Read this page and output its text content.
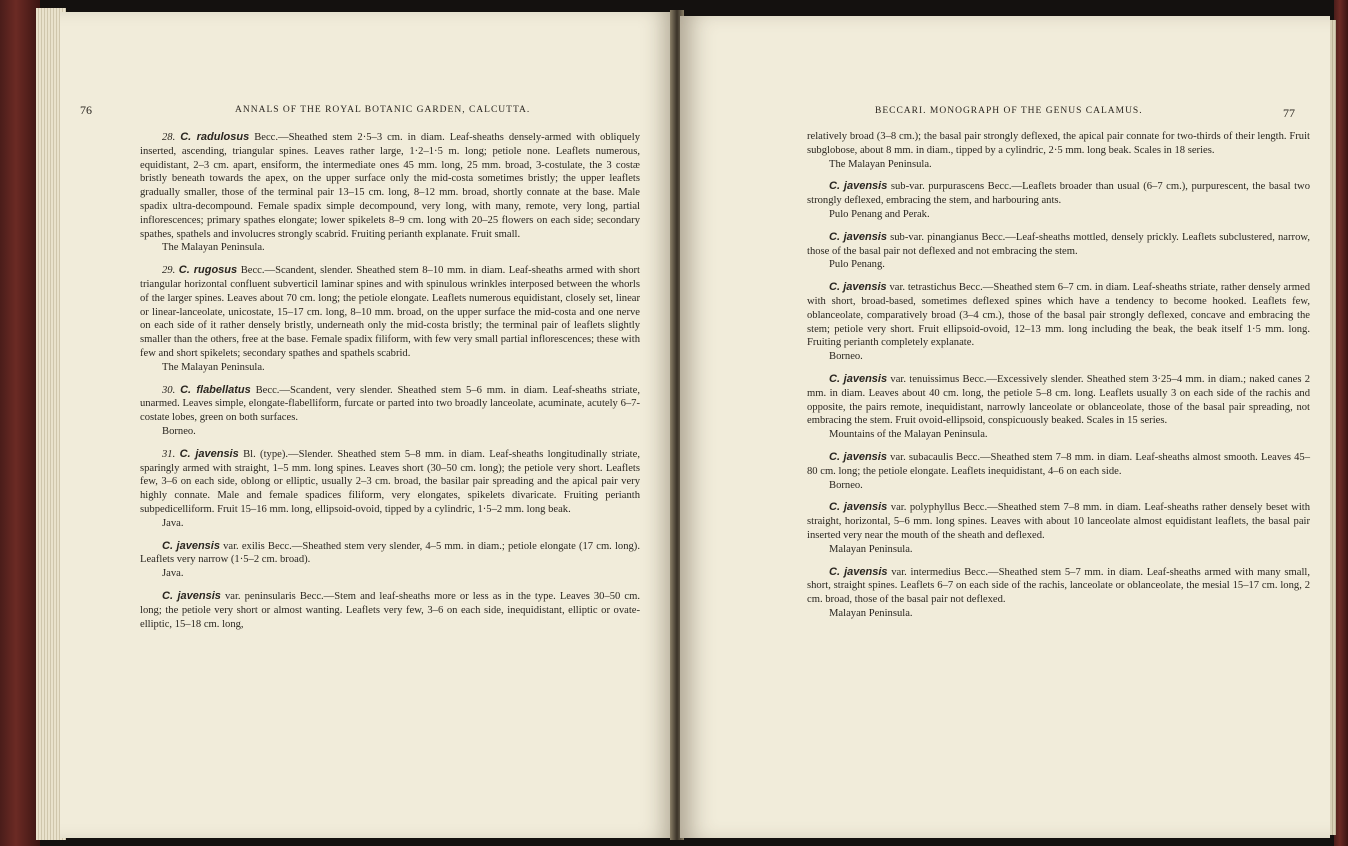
76	ANNALS OF THE ROYAL BOTANIC GARDEN, CALCUTTA.

28. C. radulosus Becc.—Sheathed stem 2·5–3 cm. in diam. Leaf-sheaths densely-armed with obliquely inserted, ascending, triangular spines. Leaves rather large, 1·2–1·5 m. long; petiole none. Leaflets numerous, equidistant, 2–3 cm. apart, ensiform, the intermediate ones 45 mm. long, 25 mm. broad, 3-costulate, the 3 costæ bristly beneath towards the apex, on the upper surface only the mid-costa sometimes bristly; the upper leaflets gradually smaller, those of the terminal pair 13–15 cm. long, 8–12 mm. broad, shortly connate at the base. Male spadix ultra-decompound. Female spadix simple decompound, very long, with many, remote, very long, partial inflorescences; primary spathes elongate; lower spikelets 8–9 cm. long with 20–25 flowers on each side; secondary spathes, spathels and involucres strongly scabrid. Fruiting perianth explanate. Fruit small.

The Malayan Peninsula.

29. C. rugosus Becc.—Scandent, slender. Sheathed stem 8–10 mm. in diam. Leaf-sheaths armed with short triangular horizontal confluent subverticil laminar spines and with spinulous wrinkles interposed between the whorls of the larger spines. Leaves about 70 cm. long; the petiole elongate. Leaflets numerous equidistant, closely set, linear or linear-lanceolate, unicostate, 15–17 cm. long, 8–10 mm. broad, on the upper surface the mid-costa and one nerve on each side of it rather densely bristly, underneath only the mid-costa bristly; the terminal pair of leaflets slightly smaller than the others, free at the base. Female spadix filiform, with few very small partial inflorescences; these with few and short spikelets; secondary spathes and spathels scabrid.

The Malayan Peninsula.

30. C. flabellatus Becc.—Scandent, very slender. Sheathed stem 5–6 mm. in diam. Leaf-sheaths striate, unarmed. Leaves simple, elongate-flabelliform, furcate or parted into two broadly lanceolate, acuminate, acutely 6–7-costate lobes, green on both surfaces.

Borneo.

31. C. javensis Bl. (type).—Slender. Sheathed stem 5–8 mm. in diam. Leaf-sheaths longitudinally striate, sparingly armed with straight, 1–5 mm. long spines. Leaves short (30–50 cm. long); the petiole very short. Leaflets few, 3–6 on each side, oblong or elliptic, usually 2–3 cm. broad, the basilar pair spreading and the apical pair very highly connate. Male and female spadices filiform, very elongates, spikelets divaricate. Fruiting perianth subpedicelliform. Fruit 15–16 mm. long, ellipsoid-ovoid, tipped by a cylindric, 1·5–2 mm. long beak.

Java.

C. javensis var. exilis Becc.—Sheathed stem very slender, 4–5 mm. in diam.; petiole elongate (17 cm. long). Leaflets very narrow (1·5–2 cm. broad).

Java.

C. javensis var. peninsularis Becc.—Stem and leaf-sheaths more or less as in the type. Leaves 30–50 cm. long; the petiole very short or almost wanting. Leaflets very few, 3–6 on each side, inequidistant, elliptic or ovate-elliptic, 15–18 cm. long,

BECCARI. MONOGRAPH OF THE GENUS CALAMUS.	77

relatively broad (3–8 cm.); the basal pair strongly deflexed, the apical pair connate for two-thirds of their length. Fruit subglobose, about 8 mm. in diam., tipped by a cylindric, 2·5 mm. long beak. Scales in 18 series.

The Malayan Peninsula.

C. javensis sub-var. purpurascens Becc.—Leaflets broader than usual (6–7 cm.), purpurescent, the basal two strongly deflexed, embracing the stem, and harbouring ants.

Pulo Penang and Perak.

C. javensis sub-var. pinangianus Becc.—Leaf-sheaths mottled, densely prickly. Leaflets subclustered, narrow, those of the basal pair not deflexed and not embracing the stem.

Pulo Penang.

C. javensis var. tetrastichus Becc.—Sheathed stem 6–7 cm. in diam. Leaf-sheaths striate, rather densely armed with short, broad-based, sometimes deflexed spines which have a tendency to become hooked. Leaflets few, oblanceolate, comparatively broad (3–4 cm.), those of the basal pair strongly deflexed, concave and embracing the stem; petiole very short. Fruit ellipsoid-ovoid, 12–13 mm. long including the beak, the beak itself 1·5 mm. long. Fruiting perianth completely explanate.

Borneo.

C. javensis var. tenuissimus Becc.—Excessively slender. Sheathed stem 3·25–4 mm. in diam.; naked canes 2 mm. in diam. Leaves about 40 cm. long, the petiole 5–8 cm. long. Leaflets usually 3 on each side of the rachis and opposite, the pairs remote, inequidistant, narrowly lanceolate or oblanceolate, those of the basal pair spreading, not embracing the stem. Fruit ovoid-ellipsoid, conspicuously beaked. Scales in 15 series.

Mountains of the Malayan Peninsula.

C. javensis var. subacaulis Becc.—Sheathed stem 7–8 mm. in diam. Leaf-sheaths almost smooth. Leaves 45–80 cm. long; the petiole elongate. Leaflets inequidistant, 4–6 on each side.

Borneo.

C. javensis var. polyphyllus Becc.—Sheathed stem 7–8 mm. in diam. Leaf-sheaths rather densely beset with straight, horizontal, 5–6 mm. long spines. Leaves with about 10 lanceolate almost equidistant leaflets, the basal pair inserted very near the mouth of the sheath and deflexed.

Malayan Peninsula.

C. javensis var. intermedius Becc.—Sheathed stem 5–7 mm. in diam. Leaf-sheaths armed with many small, short, straight spines. Leaflets 6–7 on each side of the rachis, lanceolate or oblanceolate, the mesial 15–17 cm. long, 2 cm. broad, those of the basal pair not deflexed.

Malayan Peninsula.
